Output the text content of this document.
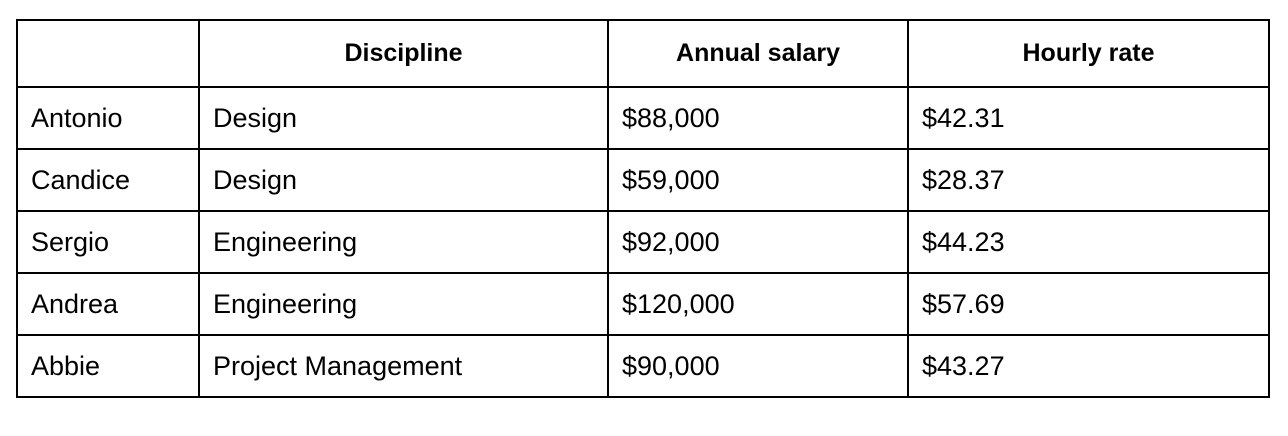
	Discipline	Annual salary	Hourly rate
Antonio	Design	$88,000	$42.31
Candice	Design	$59,000	$28.37
Sergio	Engineering	$92,000	$44.23
Andrea	Engineering	$120,000	$57.69
Abbie	Project Management	$90,000	$43.27
